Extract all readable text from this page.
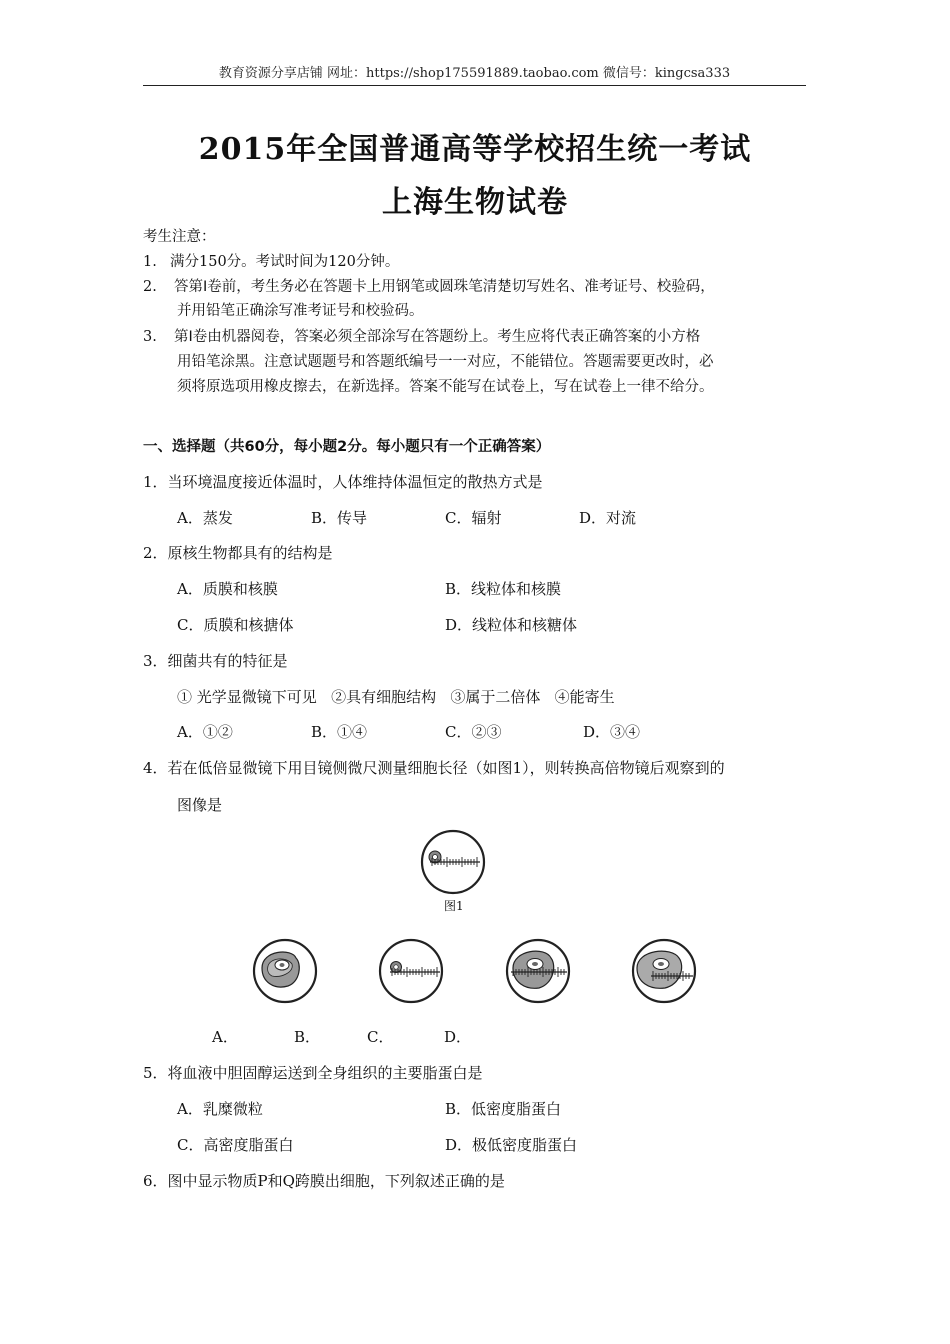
教育资源分享店铺 网址：https://shop175591889.taobao.com 微信号：kingcsa333
2015年全国普通高等学校招生统一考试
上海生物试卷
考生注意：
1. 满分150分。考试时间为120分钟。
2. 答第Ⅰ卷前，考生务必在答题卡上用钢笔或圆珠笔清楚切写姓名、准考证号、校验码，
并用铅笔正确涂写准考证号和校验码。
3. 第Ⅰ卷由机器阅卷，答案必须全部涂写在答题纷上。考生应将代表正确答案的小方格
用铅笔涂黑。注意试题题号和答题纸编号一一对应，不能错位。答题需要更改时，必
须将原选项用橡皮擦去，在新选择。答案不能写在试卷上，写在试卷上一律不给分。
一、选择题（共60分，每小题2分。每小题只有一个正确答案）
1．当环境温度接近体温时，人体维持体温恒定的散热方式是
A．蒸发	B．传导	C．辐射	D．对流
2．原核生物都具有的结构是
A．质膜和核膜	B．线粒体和核膜
C．质膜和核搪体	D．线粒体和核糖体
3．细菌共有的特征是
① 光学显微镜下可见   ②具有细胞结构   ③属于二倍体   ④能寄生
A．①②	B．①④	C．②③	D．③④
4．若在低倍显微镜下用目镜侧微尺测量细胞长径（如图1），则转换高倍物镜后观察到的
图像是
图1
A．	B．	C．	D．
5．将血液中胆固醇运送到全身组织的主要脂蛋白是
A．乳糜微粒	B．低密度脂蛋白
C．高密度脂蛋白	D．极低密度脂蛋白
6．图中显示物质P和Q跨膜出细胞，下列叙述正确的是
